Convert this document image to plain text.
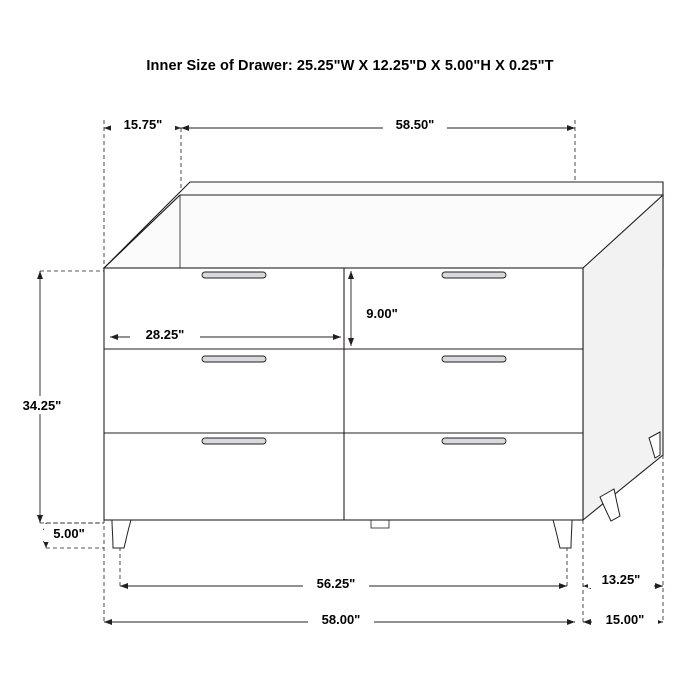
Inner Size of Drawer: 25.25"W X 12.25"D X 5.00"H X 0.25"T
15.75"	58.50"
28.25"
9.00"
34.25"
5.00"
56.25"
58.00"
13.25"
15.00"
